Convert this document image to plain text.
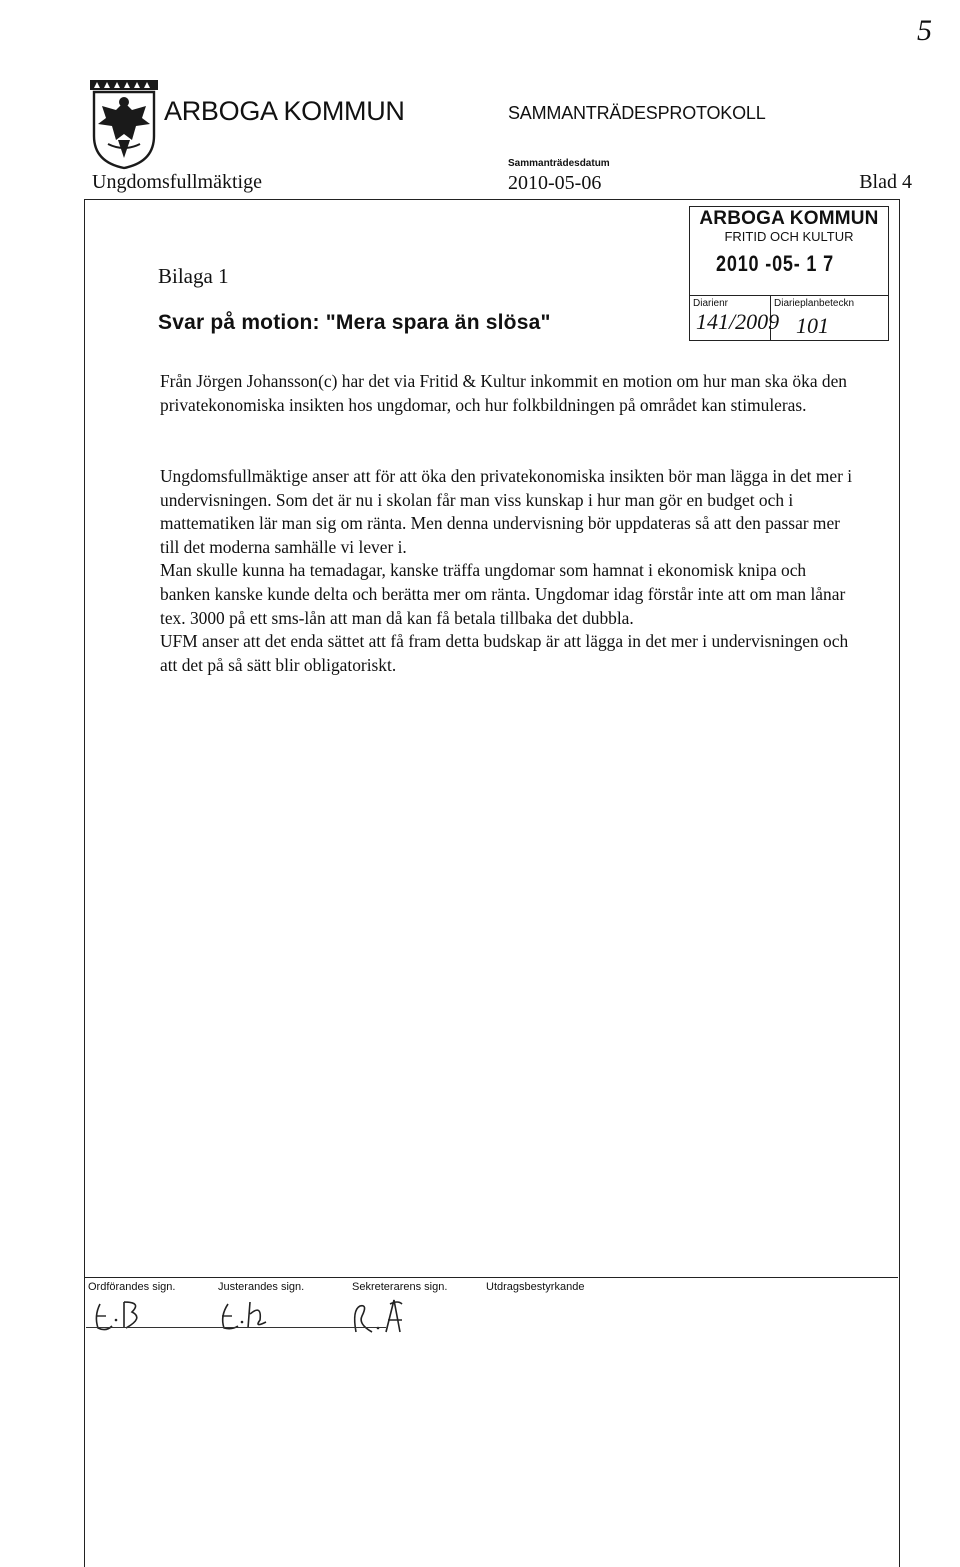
5
ARBOGA KOMMUN	SAMMANTRÄDESPROTOKOLL
Sammanträdesdatum
Ungdomsfullmäktige	2010-05-06	Blad 4
ARBOGA KOMMUN
FRITID OCH KULTUR
2010 -05- 1 7
Diarienr	Diarieplanbeteckn
141/2009 101
Bilaga 1
Svar på motion: "Mera spara än slösa"

Från Jörgen Johansson(c) har det via Fritid & Kultur inkommit en motion om hur man ska öka den privatekonomiska insikten hos ungdomar, och hur folkbildningen på området kan stimuleras.

Ungdomsfullmäktige anser att för att öka den privatekonomiska insikten bör man lägga in det mer i undervisningen. Som det är nu i skolan får man viss kunskap i hur man gör en budget och i mattematiken lär man sig om ränta. Men denna undervisning bör uppdateras så att den passar mer till det moderna samhälle vi lever i.

Man skulle kunna ha temadagar, kanske träffa ungdomar som hamnat i ekonomisk knipa och banken kanske kunde delta och berätta mer om ränta. Ungdomar idag förstår inte att om man lånar tex. 3000 på ett sms-lån att man då kan få betala tillbaka det dubbla.

UFM anser att det enda sättet att få fram detta budskap är att lägga in det mer i undervisningen och att det på så sätt blir obligatoriskt.

Ordförandes sign.	Justerandes sign.	Sekreterarens sign.	Utdragsbestyrkande
